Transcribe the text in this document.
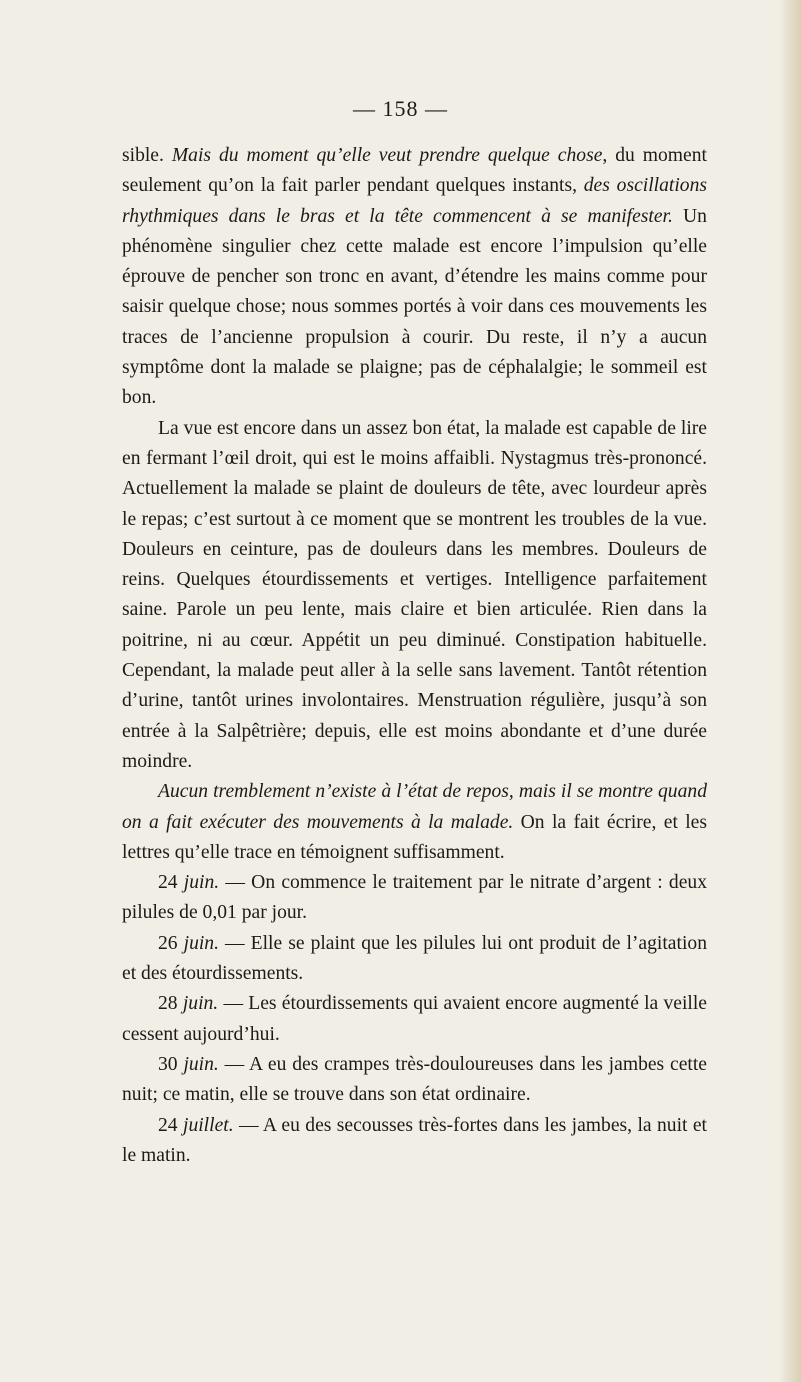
— 158 —

sible. Mais du moment qu’elle veut prendre quelque chose, du moment seulement qu’on la fait parler pendant quelques instants, des oscillations rhythmiques dans le bras et la tête commencent à se manifester. Un phénomène singulier chez cette malade est encore l’impulsion qu’elle éprouve de pencher son tronc en avant, d’étendre les mains comme pour saisir quelque chose; nous sommes portés à voir dans ces mouvements les traces de l’ancienne propulsion à courir. Du reste, il n’y a aucun symptôme dont la malade se plaigne; pas de céphalalgie; le sommeil est bon.

La vue est encore dans un assez bon état, la malade est capable de lire en fermant l’œil droit, qui est le moins affaibli. Nystagmus très-prononcé. Actuellement la malade se plaint de douleurs de tête, avec lourdeur après le repas; c’est surtout à ce moment que se montrent les troubles de la vue. Douleurs en ceinture, pas de douleurs dans les membres. Douleurs de reins. Quelques étourdissements et vertiges. Intelligence parfaitement saine. Parole un peu lente, mais claire et bien articulée. Rien dans la poitrine, ni au cœur. Appétit un peu diminué. Constipation habituelle. Cependant, la malade peut aller à la selle sans lavement. Tantôt rétention d’urine, tantôt urines involontaires. Menstruation régulière, jusqu’à son entrée à la Salpêtrière; depuis, elle est moins abondante et d’une durée moindre.

Aucun tremblement n’existe à l’état de repos, mais il se montre quand on a fait exécuter des mouvements à la malade. On la fait écrire, et les lettres qu’elle trace en témoignent suffisamment.

24 juin. — On commence le traitement par le nitrate d’argent : deux pilules de 0,01 par jour.

26 juin. — Elle se plaint que les pilules lui ont produit de l’agitation et des étourdissements.

28 juin. — Les étourdissements qui avaient encore augmenté la veille cessent aujourd’hui.

30 juin. — A eu des crampes très-douloureuses dans les jambes cette nuit; ce matin, elle se trouve dans son état ordinaire.

24 juillet. — A eu des secousses très-fortes dans les jambes, la nuit et le matin.
